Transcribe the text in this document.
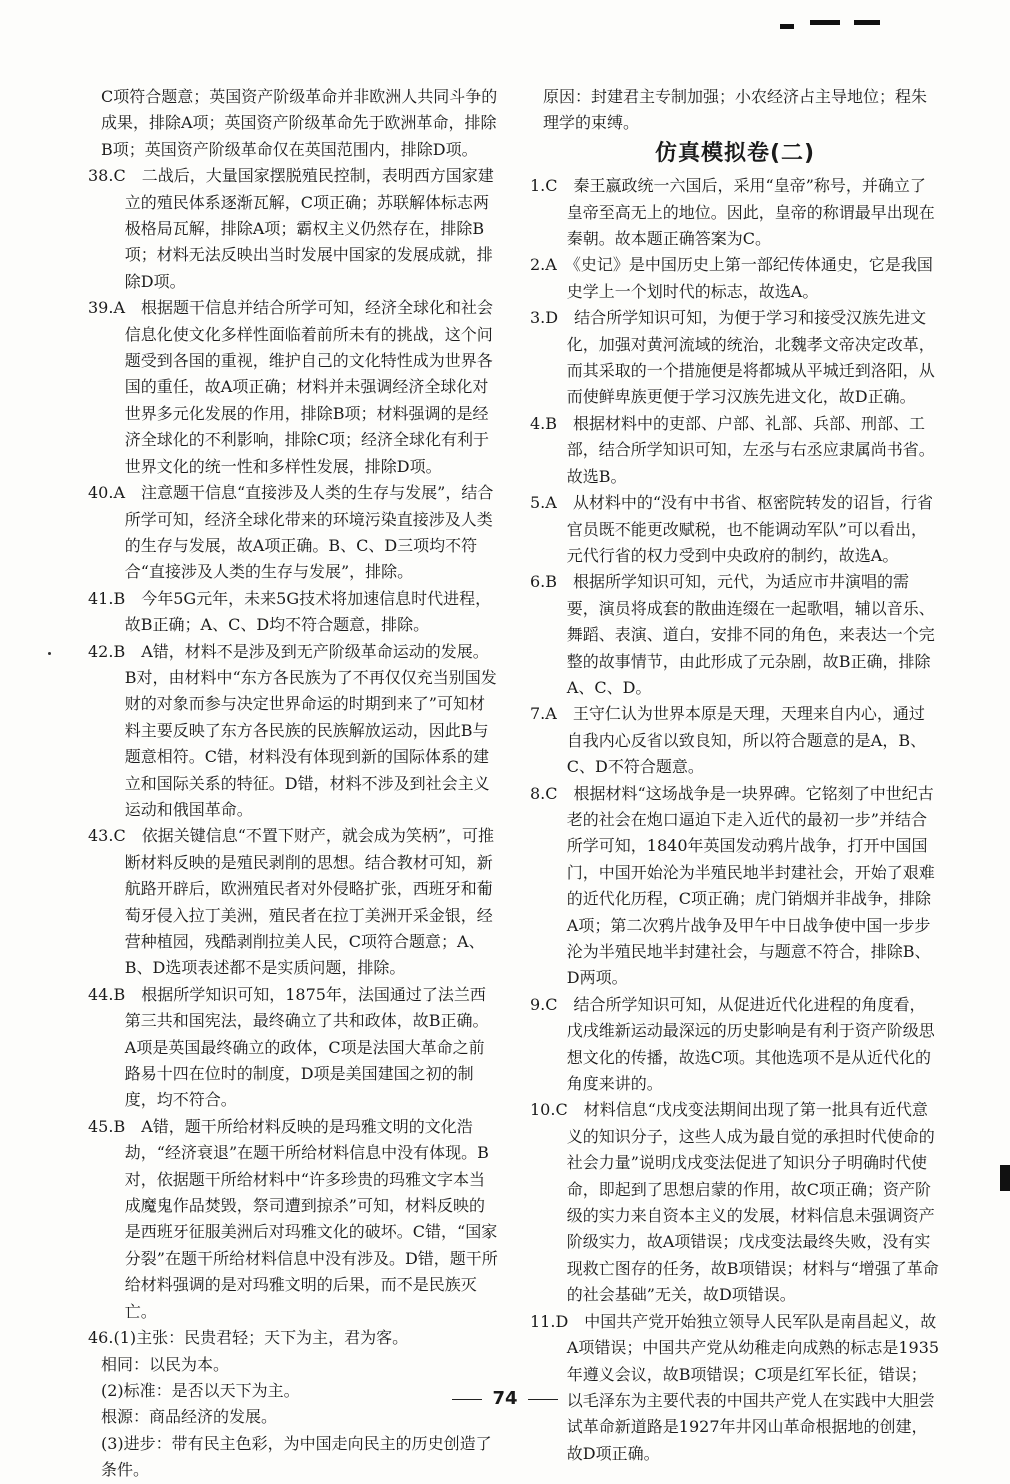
C项符合题意；英国资产阶级革命并非欧洲人共同斗争的成果，排除A项；英国资产阶级革命先于欧洲革命，排除B项；英国资产阶级革命仅在英国范围内，排除D项。
38.C　二战后，大量国家摆脱殖民控制，表明西方国家建立的殖民体系逐渐瓦解，C项正确；苏联解体标志两极格局瓦解，排除A项；霸权主义仍然存在，排除B项；材料无法反映出当时发展中国家的发展成就，排除D项。
39.A　根据题干信息并结合所学可知，经济全球化和社会信息化使文化多样性面临着前所未有的挑战，这个问题受到各国的重视，维护自己的文化特性成为世界各国的重任，故A项正确；材料并未强调经济全球化对世界多元化发展的作用，排除B项；材料强调的是经济全球化的不利影响，排除C项；经济全球化有利于世界文化的统一性和多样性发展，排除D项。
40.A　注意题干信息“直接涉及人类的生存与发展”，结合所学可知，经济全球化带来的环境污染直接涉及人类的生存与发展，故A项正确。B、C、D三项均不符合“直接涉及人类的生存与发展”，排除。
41.B　今年5G元年，未来5G技术将加速信息时代进程，故B正确；A、C、D均不符合题意，排除。
42.B　A错，材料不是涉及到无产阶级革命运动的发展。B对，由材料中“东方各民族为了不再仅仅充当别国发财的对象而参与决定世界命运的时期到来了”可知材料主要反映了东方各民族的民族解放运动，因此B与题意相符。C错，材料没有体现到新的国际体系的建立和国际关系的特征。D错，材料不涉及到社会主义运动和俄国革命。
43.C　依据关键信息“不置下财产，就会成为笑柄”，可推断材料反映的是殖民剥削的思想。结合教材可知，新航路开辟后，欧洲殖民者对外侵略扩张，西班牙和葡萄牙侵入拉丁美洲，殖民者在拉丁美洲开采金银，经营种植园，残酷剥削拉美人民，C项符合题意；A、B、D选项表述都不是实质问题，排除。
44.B　根据所学知识可知，1875年，法国通过了法兰西第三共和国宪法，最终确立了共和政体，故B正确。A项是英国最终确立的政体，C项是法国大革命之前路易十四在位时的制度，D项是美国建国之初的制度，均不符合。
45.B　A错，题干所给材料反映的是玛雅文明的文化浩劫，“经济衰退”在题干所给材料信息中没有体现。B对，依据题干所给材料中“许多珍贵的玛雅文字本当成魔鬼作品焚毁，祭司遭到掠杀”可知，材料反映的是西班牙征服美洲后对玛雅文化的破坏。C错，“国家分裂”在题干所给材料信息中没有涉及。D错，题干所给材料强调的是对玛雅文明的后果，而不是民族灭亡。
46.(1)主张：民贵君轻；天下为主，君为客。
相同：以民为本。
(2)标准：是否以天下为主。
根源：商品经济的发展。
(3)进步：带有民主色彩，为中国走向民主的历史创造了条件。
原因：封建君主专制加强；小农经济占主导地位；程朱理学的束缚。
仿真模拟卷(二)
1.C　秦王嬴政统一六国后，采用“皇帝”称号，并确立了皇帝至高无上的地位。因此，皇帝的称谓最早出现在秦朝。故本题正确答案为C。
2.A　《史记》是中国历史上第一部纪传体通史，它是我国史学上一个划时代的标志，故选A。
3.D　结合所学知识可知，为便于学习和接受汉族先进文化，加强对黄河流域的统治，北魏孝文帝决定改革，而其采取的一个措施便是将都城从平城迁到洛阳，从而使鲜卑族更便于学习汉族先进文化，故D正确。
4.B　根据材料中的吏部、户部、礼部、兵部、刑部、工部，结合所学知识可知，左丞与右丞应隶属尚书省。故选B。
5.A　从材料中的“没有中书省、枢密院转发的诏旨，行省官员既不能更改赋税，也不能调动军队”可以看出，元代行省的权力受到中央政府的制约，故选A。
6.B　根据所学知识可知，元代，为适应市井演唱的需要，演员将成套的散曲连缀在一起歌唱，辅以音乐、舞蹈、表演、道白，安排不同的角色，来表达一个完整的故事情节，由此形成了元杂剧，故B正确，排除A、C、D。
7.A　王守仁认为世界本原是天理，天理来自内心，通过自我内心反省以致良知，所以符合题意的是A，B、C、D不符合题意。
8.C　根据材料“这场战争是一块界碑。它铭刻了中世纪古老的社会在炮口逼迫下走入近代的最初一步”并结合所学可知，1840年英国发动鸦片战争，打开中国国门，中国开始沦为半殖民地半封建社会，开始了艰难的近代化历程，C项正确；虎门销烟并非战争，排除A项；第二次鸦片战争及甲午中日战争使中国一步步沦为半殖民地半封建社会，与题意不符合，排除B、D两项。
9.C　结合所学知识可知，从促进近代化进程的角度看，戊戌维新运动最深远的历史影响是有利于资产阶级思想文化的传播，故选C项。其他选项不是从近代化的角度来讲的。
10.C　材料信息“戊戌变法期间出现了第一批具有近代意义的知识分子，这些人成为最自觉的承担时代使命的社会力量”说明戊戌变法促进了知识分子明确时代使命，即起到了思想启蒙的作用，故C项正确；资产阶级的实力来自资本主义的发展，材料信息未强调资产阶级实力，故A项错误；戊戌变法最终失败，没有实现救亡图存的任务，故B项错误；材料与“增强了革命的社会基础”无关，故D项错误。
11.D　中国共产党开始独立领导人民军队是南昌起义，故A项错误；中国共产党从幼稚走向成熟的标志是1935年遵义会议，故B项错误；C项是红军长征，错误；以毛泽东为主要代表的中国共产党人在实践中大胆尝试革命新道路是1927年井冈山革命根据地的创建，故D项正确。
74
